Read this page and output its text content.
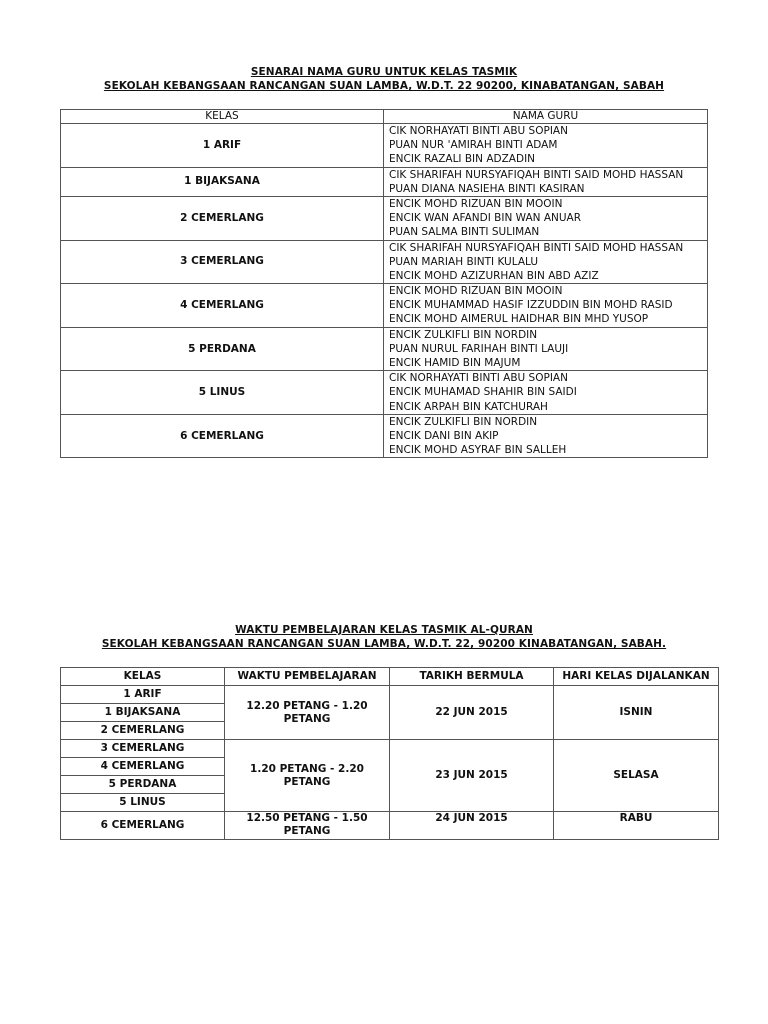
SENARAI NAMA GURU UNTUK KELAS TASMIK
SEKOLAH KEBANGSAAN RANCANGAN SUAN LAMBA, W.D.T. 22 90200, KINABATANGAN, SABAH
KELAS	NAMA GURU
1 ARIF	CIK NORHAYATI BINTI ABU SOPIAN
PUAN NUR 'AMIRAH BINTI ADAM
ENCIK RAZALI BIN ADZADIN

1 BIJAKSANA	CIK SHARIFAH NURSYAFIQAH BINTI SAID MOHD HASSAN
PUAN DIANA NASIEHA BINTI KASIRAN

2 CEMERLANG	ENCIK MOHD RIZUAN BIN MOOIN
ENCIK WAN AFANDI BIN WAN ANUAR
PUAN SALMA BINTI SULIMAN

3 CEMERLANG	CIK SHARIFAH NURSYAFIQAH BINTI SAID MOHD HASSAN
PUAN MARIAH BINTI KULALU
ENCIK MOHD AZIZURHAN BIN ABD AZIZ

4 CEMERLANG	ENCIK MOHD RIZUAN BIN MOOIN
ENCIK MUHAMMAD HASIF IZZUDDIN BIN MOHD RASID
ENCIK MOHD AIMERUL HAIDHAR BIN MHD YUSOP

5 PERDANA	ENCIK ZULKIFLI BIN NORDIN
PUAN NURUL FARIHAH BINTI LAUJI
ENCIK HAMID BIN MAJUM

5 LINUS	CIK NORHAYATI BINTI ABU SOPIAN
ENCIK MUHAMAD SHAHIR BIN SAIDI
ENCIK ARPAH BIN KATCHURAH

6 CEMERLANG	ENCIK ZULKIFLI BIN NORDIN
ENCIK DANI BIN AKIP
ENCIK MOHD ASYRAF BIN SALLEH
WAKTU PEMBELAJARAN KELAS TASMIK AL-QURAN
SEKOLAH KEBANGSAAN RANCANGAN SUAN LAMBA, W.D.T. 22, 90200 KINABATANGAN, SABAH.
KELAS	WAKTU PEMBELAJARAN	TARIKH BERMULA	HARI KELAS DIJALANKAN
1 ARIF	12.20 PETANG - 1.20 PETANG	22 JUN 2015	ISNIN
1 BIJAKSANA			
2 CEMERLANG			
3 CEMERLANG	1.20 PETANG - 2.20 PETANG	23 JUN 2015	SELASA
4 CEMERLANG			
5 PERDANA			
5 LINUS			
6 CEMERLANG	12.50 PETANG - 1.50 PETANG	24 JUN 2015	RABU
